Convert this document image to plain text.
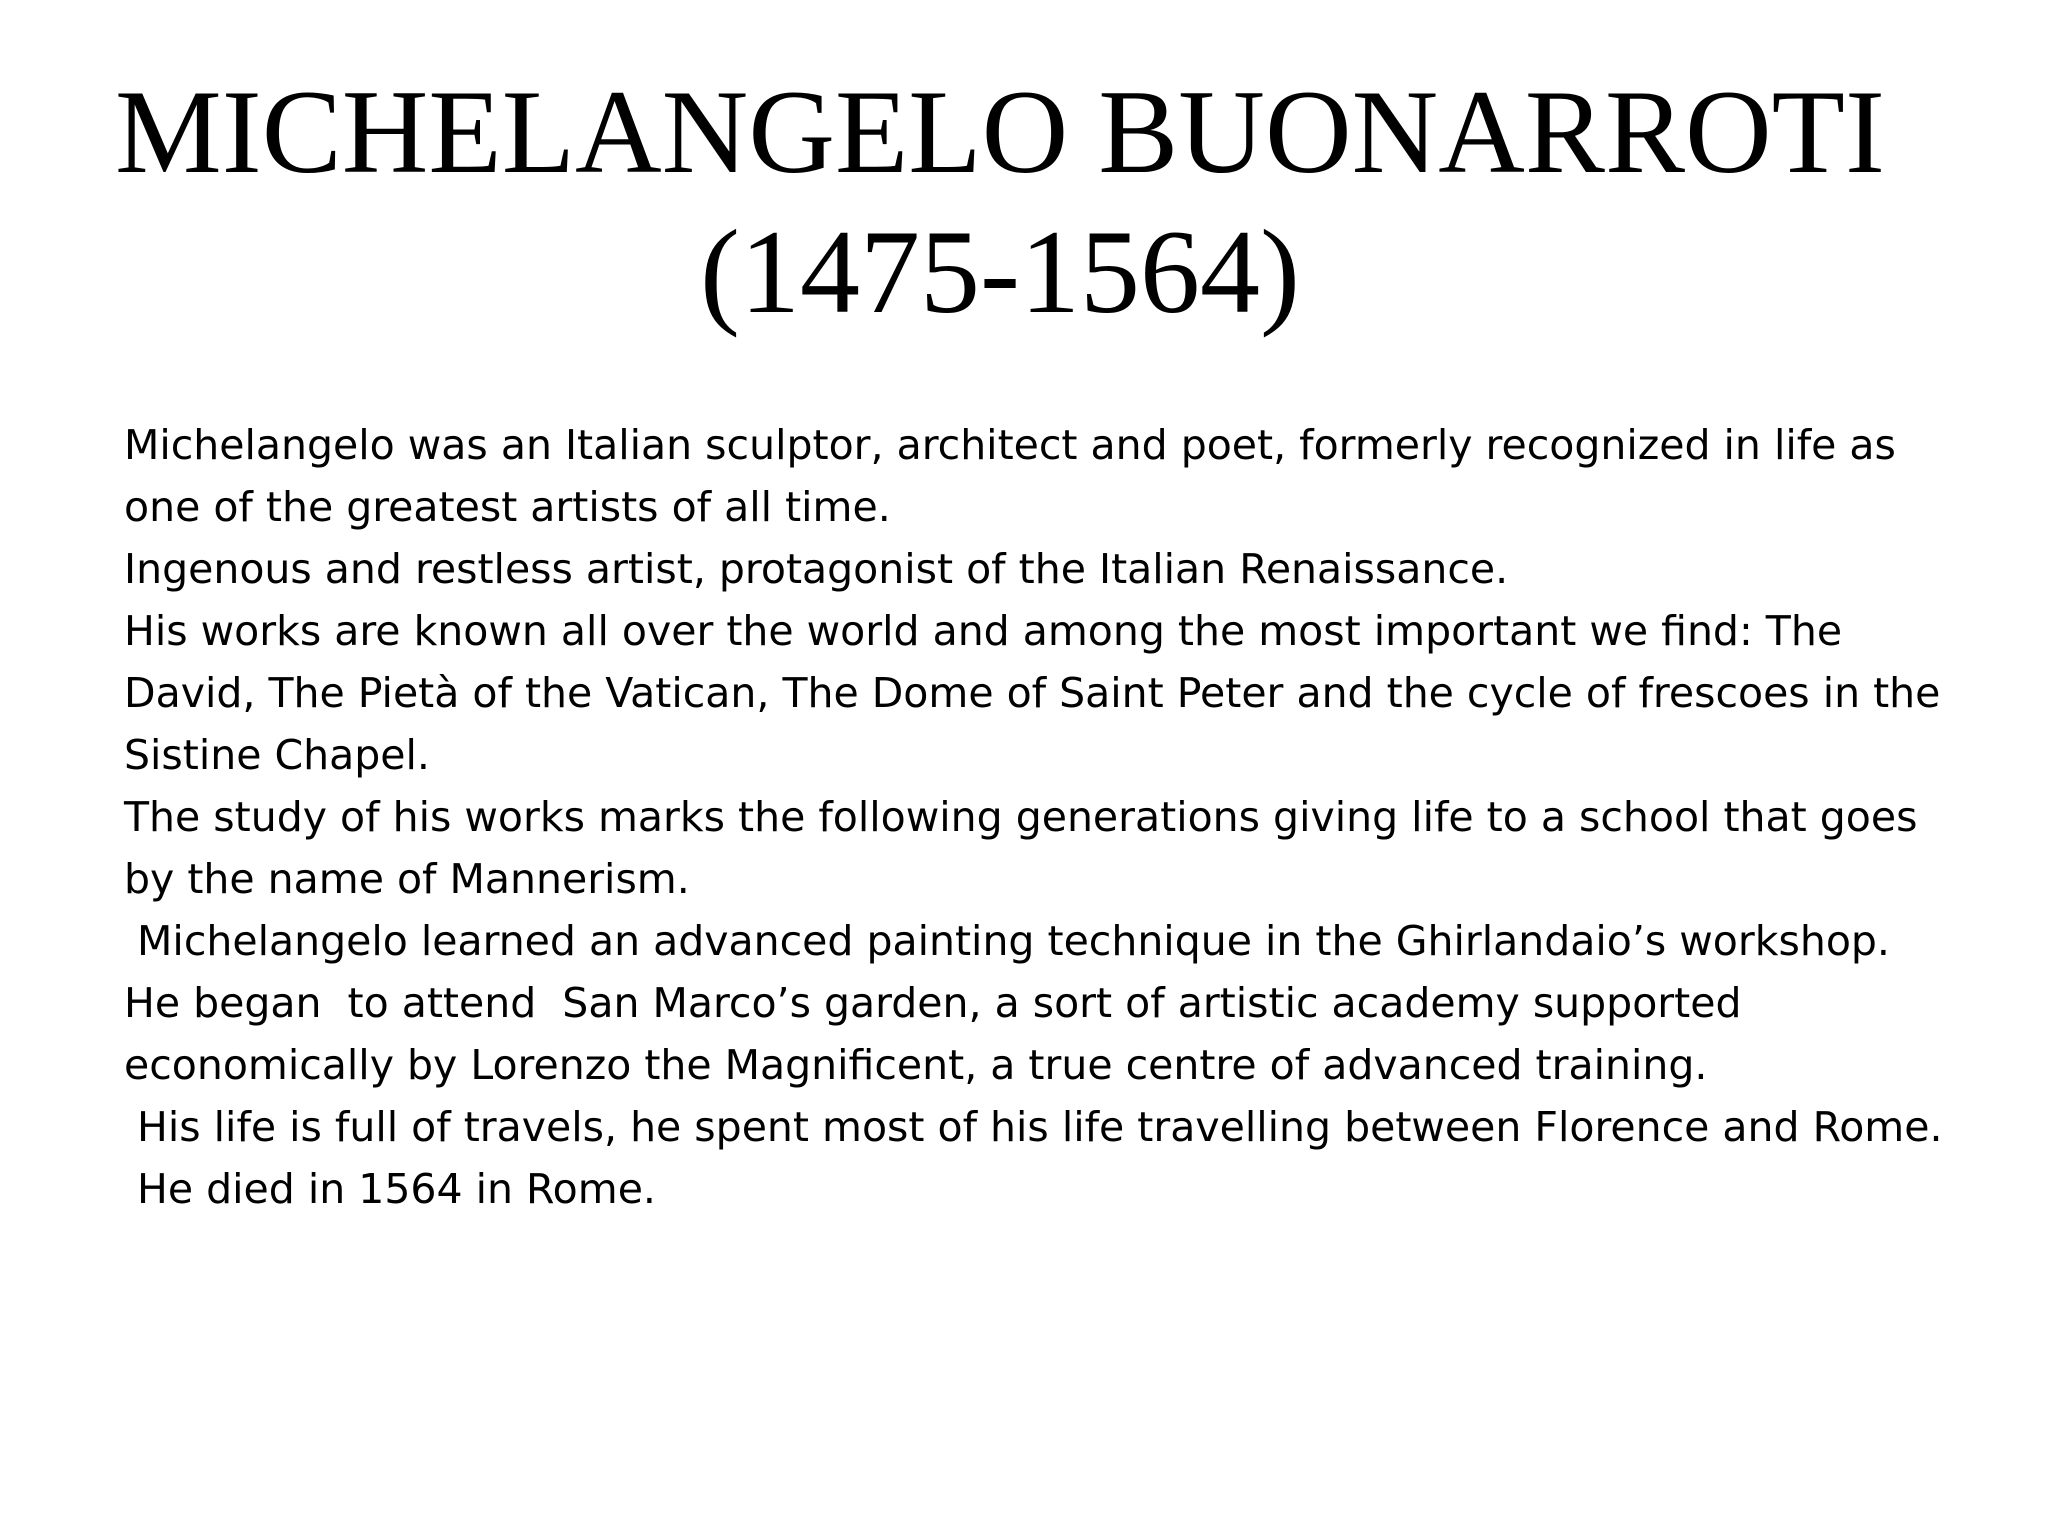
MICHELANGELO BUONARROTI
(1475-1564)

Michelangelo was an Italian sculptor, architect and poet, formerly recognized in life as one of the greatest artists of all time.

Ingenous and restless artist, protagonist of the Italian Renaissance.

His works are known all over the world and among the most important we find: The David, The Pietà of the Vatican, The Dome of Saint Peter and the cycle of frescoes in the Sistine Chapel.

The study of his works marks the following generations giving life to a school that goes by the name of Mannerism.

Michelangelo learned an advanced painting technique in the Ghirlandaio’s workshop.

He began  to attend  San Marco’s garden, a sort of artistic academy supported economically by Lorenzo the Magnificent, a true centre of advanced training.

His life is full of travels, he spent most of his life travelling between Florence and Rome.

He died in 1564 in Rome.
